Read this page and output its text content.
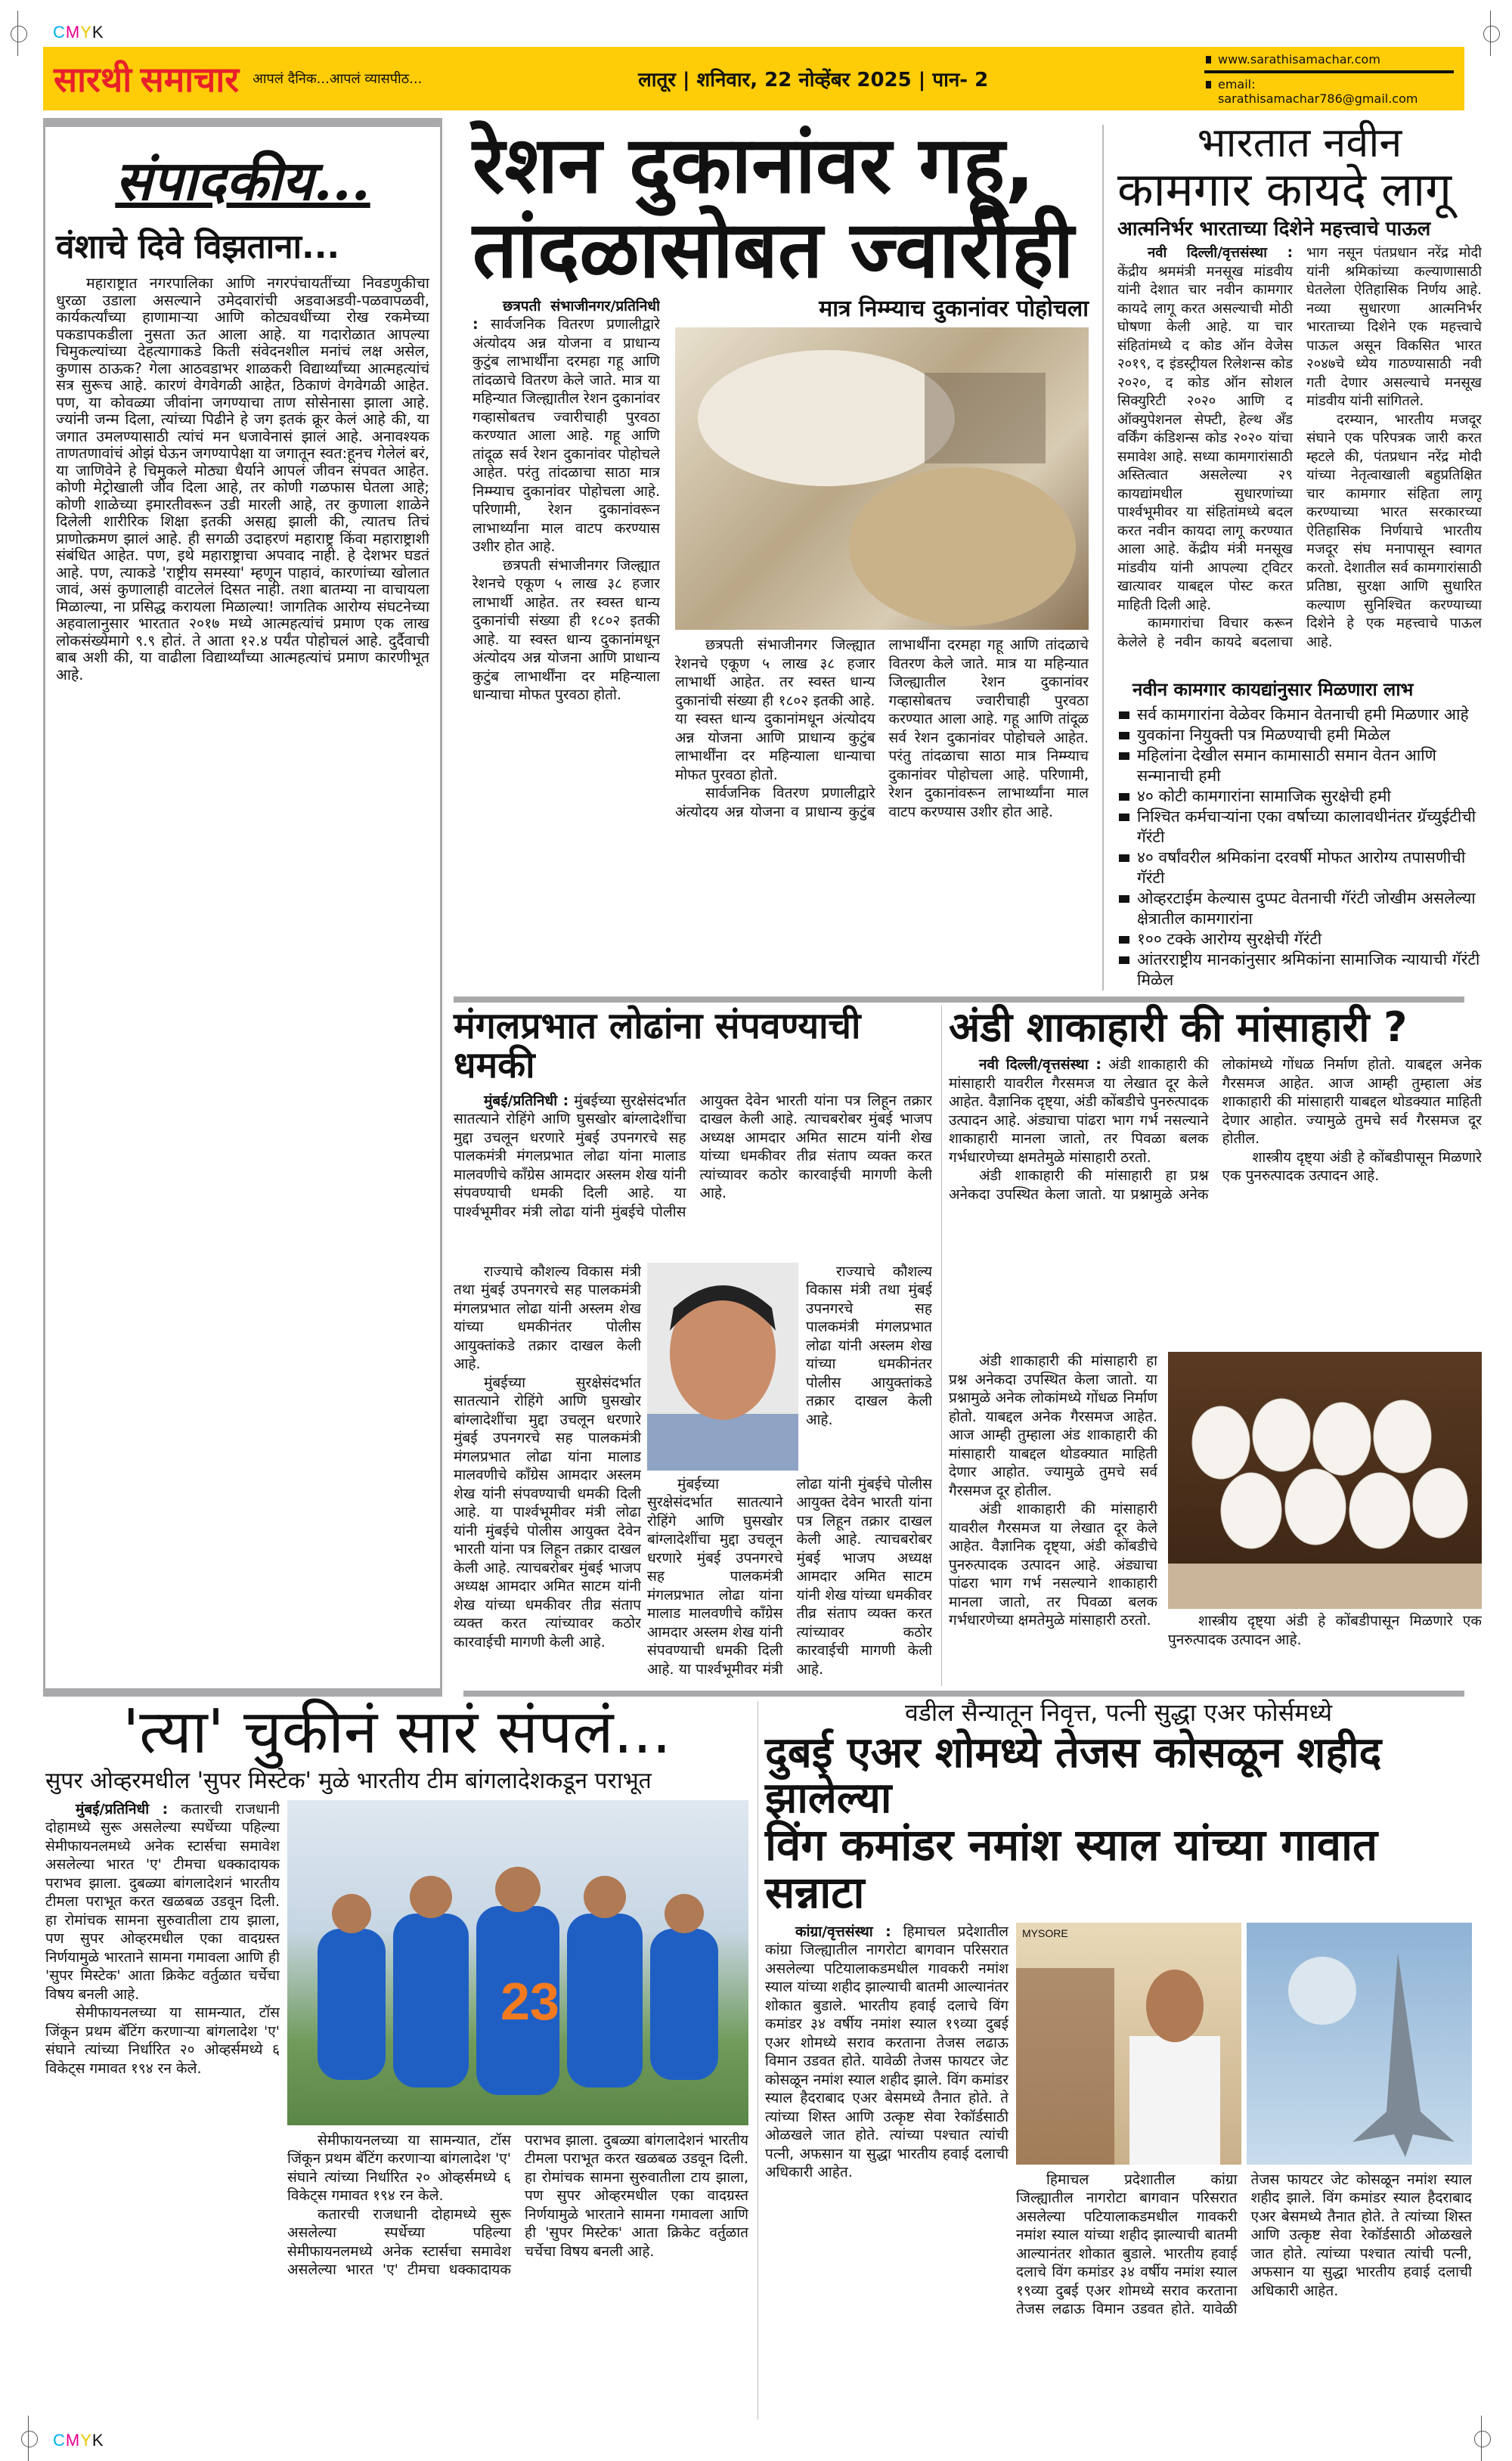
CMYK
सारथी समाचार आपलं दैनिक...आपलं व्यासपीठ...	लातूर | शनिवार, 22 नोव्हेंबर 2025 | पान- 2
www.sarathisamachar.com
email: sarathisamachar786@gmail.com
संपादकीय...
वंशाचे दिवे विझताना...

महाराष्ट्रात नगरपालिका आणि नगरपंचायतींच्या निवडणुकीचा धुरळा उडाला असल्याने उमेदवारांची अडवाअडवी-पळवापळवी, कार्यकर्त्यांच्या हाणामाऱ्या आणि कोट्यवधींच्या रोख रकमेच्या पकडापकडीला नुसता ऊत आला आहे. या गदारोळात आपल्या चिमुकल्यांच्या देहत्यागाकडे किती संवेदनशील मनांचं लक्ष असेल, कुणास ठाऊक? गेला आठवडाभर शाळकरी विद्यार्थ्यांच्या आत्महत्यांचं सत्र सुरूच आहे. कारणं वेगवेगळी आहेत, ठिकाणं वेगवेगळी आहेत. पण, या कोवळ्या जीवांना जगण्याचा ताण सोसेनासा झाला आहे. ज्यांनी जन्म दिला, त्यांच्या पिढीने हे जग इतकं क्रूर केलं आहे की, या जगात उमलण्यासाठी त्यांचं मन धजावेनासं झालं आहे. अनावश्यक ताणतणावांचं ओझं घेऊन जगण्यापेक्षा या जगातून स्वत:हूनच गेलेलं बरं, या जाणिवेने हे चिमुकले मोठ्या धैर्याने आपलं जीवन संपवत आहेत. कोणी मेट्रोखाली जीव दिला आहे, तर कोणी गळफास घेतला आहे; कोणी शाळेच्या इमारतीवरून उडी मारली आहे, तर कुणाला शाळेने दिलेली शारीरिक शिक्षा इतकी असह्य झाली की, त्यातच तिचं प्राणोत्क्रमण झालं आहे. ही सगळी उदाहरणं महाराष्ट्र किंवा महाराष्ट्राशी संबंधित आहेत. पण, इथे महाराष्ट्राचा अपवाद नाही. हे देशभर घडतं आहे. पण, त्याकडे 'राष्ट्रीय समस्या' म्हणून पाहावं, कारणांच्या खोलात जावं, असं कुणालाही वाटलेलं दिसत नाही. तशा बातम्या ना वाचायला मिळाल्या, ना प्रसिद्ध करायला मिळाल्या! जागतिक आरोग्य संघटनेच्या अहवालानुसार भारतात २०१७ मध्ये आत्महत्यांचं प्रमाण एक लाख लोकसंख्येमागे ९.९ होतं. ते आता १२.४ पर्यंत पोहोचलं आहे. दुर्दैवाची बाब अशी की, या वाढीला विद्यार्थ्यांच्या आत्महत्यांचं प्रमाण कारणीभूत आहे.

रेशन दुकानांवर गहू,
तांदळासोबत ज्वारीही

छत्रपती संभाजीनगर/प्रतिनिधी : सार्वजनिक वितरण प्रणालीद्वारे अंत्योदय अन्न योजना व प्राधान्य कुटुंब लाभार्थींना दरमहा गहू आणि तांदळाचे वितरण केले जाते. मात्र या महिन्यात जिल्ह्यातील रेशन दुकानांवर गव्हासोबतच ज्वारीचाही पुरवठा करण्यात आला आहे. गहू आणि तांदूळ सर्व रेशन दुकानांवर पोहोचले आहेत. परंतु तांदळाचा साठा मात्र निम्म्याच दुकानांवर पोहोचला आहे. परिणामी, रेशन दुकानांवरून लाभार्थ्यांना माल वाटप करण्यास उशीर होत आहे.

छत्रपती संभाजीनगर जिल्ह्यात रेशनचे एकूण ५ लाख ३८ हजार लाभार्थी आहेत. तर स्वस्त धान्य दुकानांची संख्या ही १८०२ इतकी आहे. या स्वस्त धान्य दुकानांमधून अंत्योदय अन्न योजना आणि प्राधान्य कुटुंब लाभार्थींना दर महिन्याला धान्याचा मोफत पुरवठा होतो.

मात्र निम्म्याच दुकानांवर पोहोचला

छत्रपती संभाजीनगर जिल्ह्यात रेशनचे एकूण ५ लाख ३८ हजार लाभार्थी आहेत. तर स्वस्त धान्य दुकानांची संख्या ही १८०२ इतकी आहे. या स्वस्त धान्य दुकानांमधून अंत्योदय अन्न योजना आणि प्राधान्य कुटुंब लाभार्थींना दर महिन्याला धान्याचा मोफत पुरवठा होतो.

सार्वजनिक वितरण प्रणालीद्वारे अंत्योदय अन्न योजना व प्राधान्य कुटुंब लाभार्थींना दरमहा गहू आणि तांदळाचे वितरण केले जाते. मात्र या महिन्यात जिल्ह्यातील रेशन दुकानांवर गव्हासोबतच ज्वारीचाही पुरवठा करण्यात आला आहे. गहू आणि तांदूळ सर्व रेशन दुकानांवर पोहोचले आहेत. परंतु तांदळाचा साठा मात्र निम्म्याच दुकानांवर पोहोचला आहे. परिणामी, रेशन दुकानांवरून लाभार्थ्यांना माल वाटप करण्यास उशीर होत आहे.

भारतात नवीन
कामगार कायदे लागू
आत्मनिर्भर भारताच्या दिशेने महत्त्वाचे पाऊल

नवी दिल्ली/वृत्तसंस्था : केंद्रीय श्रममंत्री मनसूख मांडवीय यांनी देशात चार नवीन कामगार कायदे लागू करत असल्याची मोठी घोषणा केली आहे. या चार संहितांमध्ये द कोड ऑन वेजेस २०१९, द इंडस्ट्रीयल रिलेशन्स कोड २०२०, द कोड ऑन सोशल सिक्युरिटी २०२० आणि द ऑक्युपेशनल सेफ्टी, हेल्थ अँड वर्किंग कंडिशन्स कोड २०२० यांचा समावेश आहे. सध्या कामगारांसाठी अस्तित्वात असलेल्या २९ कायद्यांमधील सुधारणांच्या पार्श्वभूमीवर या संहितांमध्ये बदल करत नवीन कायदा लागू करण्यात आला आहे. केंद्रीय मंत्री मनसूख मांडवीय यांनी आपल्या ट्विटर खात्यावर याबद्दल पोस्ट करत माहिती दिली आहे.

कामगारांचा विचार करून केलेले हे नवीन कायदे बदलाचा भाग नसून पंतप्रधान नरेंद्र मोदी यांनी श्रमिकांच्या कल्याणासाठी घेतलेला ऐतिहासिक निर्णय आहे. नव्या सुधारणा आत्मनिर्भर भारताच्या दिशेने एक महत्त्वाचे पाऊल असून विकसित भारत २०४७चे ध्येय गाठण्यासाठी नवी गती देणार असल्याचे मनसूख मांडवीय यांनी सांगितले.

दरम्यान, भारतीय मजदूर संघाने एक परिपत्रक जारी करत म्हटले की, पंतप्रधान नरेंद्र मोदी यांच्या नेतृत्वाखाली बहुप्रतिक्षित चार कामगार संहिता लागू करण्याच्या भारत सरकारच्या ऐतिहासिक निर्णयाचे भारतीय मजदूर संघ मनापासून स्वागत करतो. देशातील सर्व कामगारांसाठी प्रतिष्ठा, सुरक्षा आणि सुधारित कल्याण सुनिश्चित करण्याच्या दिशेने हे एक महत्त्वाचे पाऊल आहे.

नवीन कामगार कायद्यांनुसार मिळणारा लाभ
सर्व कामगारांना वेळेवर किमान वेतनाची हमी मिळणार आहे
युवकांना नियुक्ती पत्र मिळण्याची हमी मिळेल
महिलांना देखील समान कामासाठी समान वेतन आणि सन्मानाची हमी
४० कोटी कामगारांना सामाजिक सुरक्षेची हमी
निश्चित कर्मचाऱ्यांना एका वर्षाच्या कालावधीनंतर ग्रॅच्युईटीची गॅरंटी
४० वर्षांवरील श्रमिकांना दरवर्षी मोफत आरोग्य तपासणीची गॅरंटी
ओव्हरटाईम केल्यास दुप्पट वेतनाची गॅरंटी जोखीम असलेल्या क्षेत्रातील कामगारांना
१०० टक्के आरोग्य सुरक्षेची गॅरंटी
आंतरराष्ट्रीय मानकांनुसार श्रमिकांना सामाजिक न्यायाची गॅरंटी मिळेल
मंगलप्रभात लोढांना संपवण्याची धमकी

मुंबई/प्रतिनिधी : मुंबईच्या सुरक्षेसंदर्भात सातत्याने रोहिंगे आणि घुसखोर बांग्लादेशींचा मुद्दा उचलून धरणारे मुंबई उपनगरचे सह पालकमंत्री मंगलप्रभात लोढा यांना मालाड मालवणीचे काँग्रेस आमदार अस्लम शेख यांनी संपवण्याची धमकी दिली आहे. या पार्श्वभूमीवर मंत्री लोढा यांनी मुंबईचे पोलीस आयुक्त देवेन भारती यांना पत्र लिहून तक्रार दाखल केली आहे. त्याचबरोबर मुंबई भाजप अध्यक्ष आमदार अमित साटम यांनी शेख यांच्या धमकीवर तीव्र संताप व्यक्त करत त्यांच्यावर कठोर कारवाईची मागणी केली आहे.

राज्याचे कौशल्य विकास मंत्री तथा मुंबई उपनगरचे सह पालकमंत्री मंगलप्रभात लोढा यांनी अस्लम शेख यांच्या धमकीनंतर पोलीस आयुक्तांकडे तक्रार दाखल केली आहे.

मुंबईच्या सुरक्षेसंदर्भात सातत्याने रोहिंगे आणि घुसखोर बांग्लादेशींचा मुद्दा उचलून धरणारे मुंबई उपनगरचे सह पालकमंत्री मंगलप्रभात लोढा यांना मालाड मालवणीचे काँग्रेस आमदार अस्लम शेख यांनी संपवण्याची धमकी दिली आहे. या पार्श्वभूमीवर मंत्री लोढा यांनी मुंबईचे पोलीस आयुक्त देवेन भारती यांना पत्र लिहून तक्रार दाखल केली आहे. त्याचबरोबर मुंबई भाजप अध्यक्ष आमदार अमित साटम यांनी शेख यांच्या धमकीवर तीव्र संताप व्यक्त करत त्यांच्यावर कठोर कारवाईची मागणी केली आहे.

राज्याचे कौशल्य विकास मंत्री तथा मुंबई उपनगरचे सह पालकमंत्री मंगलप्रभात लोढा यांनी अस्लम शेख यांच्या धमकीनंतर पोलीस आयुक्तांकडे तक्रार दाखल केली आहे.

मुंबईच्या सुरक्षेसंदर्भात सातत्याने रोहिंगे आणि घुसखोर बांग्लादेशींचा मुद्दा उचलून धरणारे मुंबई उपनगरचे सह पालकमंत्री मंगलप्रभात लोढा यांना मालाड मालवणीचे काँग्रेस आमदार अस्लम शेख यांनी संपवण्याची धमकी दिली आहे. या पार्श्वभूमीवर मंत्री लोढा यांनी मुंबईचे पोलीस आयुक्त देवेन भारती यांना पत्र लिहून तक्रार दाखल केली आहे. त्याचबरोबर मुंबई भाजप अध्यक्ष आमदार अमित साटम यांनी शेख यांच्या धमकीवर तीव्र संताप व्यक्त करत त्यांच्यावर कठोर कारवाईची मागणी केली आहे.

अंडी शाकाहारी की मांसाहारी ?

नवी दिल्ली/वृत्तसंस्था : अंडी शाकाहारी की मांसाहारी यावरील गैरसमज या लेखात दूर केले आहेत. वैज्ञानिक दृष्ट्या, अंडी कोंबडीचे पुनरुत्पादक उत्पादन आहे. अंड्याचा पांढरा भाग गर्भ नसल्याने शाकाहारी मानला जातो, तर पिवळा बलक गर्भधारणेच्या क्षमतेमुळे मांसाहारी ठरतो.

अंडी शाकाहारी की मांसाहारी हा प्रश्न अनेकदा उपस्थित केला जातो. या प्रश्नामुळे अनेक लोकांमध्ये गोंधळ निर्माण होतो. याबद्दल अनेक गैरसमज आहेत. आज आम्ही तुम्हाला अंड शाकाहारी की मांसाहारी याबद्दल थोडक्यात माहिती देणार आहोत. ज्यामुळे तुमचे सर्व गैरसमज दूर होतील.

शास्त्रीय दृष्ट्या अंडी हे कोंबडीपासून मिळणारे एक पुनरुत्पादक उत्पादन आहे.

अंडी शाकाहारी की मांसाहारी हा प्रश्न अनेकदा उपस्थित केला जातो. या प्रश्नामुळे अनेक लोकांमध्ये गोंधळ निर्माण होतो. याबद्दल अनेक गैरसमज आहेत. आज आम्ही तुम्हाला अंड शाकाहारी की मांसाहारी याबद्दल थोडक्यात माहिती देणार आहोत. ज्यामुळे तुमचे सर्व गैरसमज दूर होतील.

अंडी शाकाहारी की मांसाहारी यावरील गैरसमज या लेखात दूर केले आहेत. वैज्ञानिक दृष्ट्या, अंडी कोंबडीचे पुनरुत्पादक उत्पादन आहे. अंड्याचा पांढरा भाग गर्भ नसल्याने शाकाहारी मानला जातो, तर पिवळा बलक गर्भधारणेच्या क्षमतेमुळे मांसाहारी ठरतो.	शास्त्रीय दृष्ट्या अंडी हे कोंबडीपासून मिळणारे एक पुनरुत्पादक उत्पादन आहे.

'त्या' चुकीनं सारं संपलं...
सुपर ओव्हरमधील 'सुपर मिस्टेक' मुळे भारतीय टीम बांगलादेशकडून पराभूत

मुंबई/प्रतिनिधी : कतारची राजधानी दोहामध्ये सुरू असलेल्या स्पर्धेच्या पहिल्या सेमीफायनलमध्ये अनेक स्टार्सचा समावेश असलेल्या भारत 'ए' टीमचा धक्कादायक पराभव झाला. दुबळ्या बांगलादेशनं भारतीय टीमला पराभूत करत खळबळ उडवून दिली. हा रोमांचक सामना सुरुवातीला टाय झाला, पण सुपर ओव्हरमधील एका वादग्रस्त निर्णयामुळे भारताने सामना गमावला आणि ही 'सुपर मिस्टेक' आता क्रिकेट वर्तुळात चर्चेचा विषय बनली आहे.

सेमीफायनलच्या या सामन्यात, टॉस जिंकून प्रथम बॅटिंग करणाऱ्या बांगलादेश 'ए' संघाने त्यांच्या निर्धारित २० ओव्हर्समध्ये ६ विकेट्स गमावत १९४ रन केले.

23

सेमीफायनलच्या या सामन्यात, टॉस जिंकून प्रथम बॅटिंग करणाऱ्या बांगलादेश 'ए' संघाने त्यांच्या निर्धारित २० ओव्हर्समध्ये ६ विकेट्स गमावत १९४ रन केले.

कतारची राजधानी दोहामध्ये सुरू असलेल्या स्पर्धेच्या पहिल्या सेमीफायनलमध्ये अनेक स्टार्सचा समावेश असलेल्या भारत 'ए' टीमचा धक्कादायक पराभव झाला. दुबळ्या बांगलादेशनं भारतीय टीमला पराभूत करत खळबळ उडवून दिली. हा रोमांचक सामना सुरुवातीला टाय झाला, पण सुपर ओव्हरमधील एका वादग्रस्त निर्णयामुळे भारताने सामना गमावला आणि ही 'सुपर मिस्टेक' आता क्रिकेट वर्तुळात चर्चेचा विषय बनली आहे.

वडील सैन्यातून निवृत्त, पत्नी सुद्धा एअर फोर्समध्ये
दुबई एअर शोमध्ये तेजस कोसळून शहीद झालेल्या
विंग कमांडर नमांश स्याल यांच्या गावात सन्नाटा

कांग्रा/वृत्तसंस्था : हिमाचल प्रदेशातील कांग्रा जिल्ह्यातील नागरोटा बागवान परिसरात असलेल्या पटियालाकडमधील गावकरी नमांश स्याल यांच्या शहीद झाल्याची बातमी आल्यानंतर शोकात बुडाले. भारतीय हवाई दलाचे विंग कमांडर ३४ वर्षीय नमांश स्याल १९व्या दुबई एअर शोमध्ये सराव करताना तेजस लढाऊ विमान उडवत होते. यावेळी तेजस फायटर जेट कोसळून नमांश स्याल शहीद झाले. विंग कमांडर स्याल हैदराबाद एअर बेसमध्ये तैनात होते. ते त्यांच्या शिस्त आणि उत्कृष्ट सेवा रेकॉर्डसाठी ओळखले जात होते. त्यांच्या पश्चात त्यांची पत्नी, अफसान या सुद्धा भारतीय हवाई दलाची अधिकारी आहेत.

MYSORE

हिमाचल प्रदेशातील कांग्रा जिल्ह्यातील नागरोटा बागवान परिसरात असलेल्या पटियालाकडमधील गावकरी नमांश स्याल यांच्या शहीद झाल्याची बातमी आल्यानंतर शोकात बुडाले. भारतीय हवाई दलाचे विंग कमांडर ३४ वर्षीय नमांश स्याल १९व्या दुबई एअर शोमध्ये सराव करताना तेजस लढाऊ विमान उडवत होते. यावेळी तेजस फायटर जेट कोसळून नमांश स्याल शहीद झाले. विंग कमांडर स्याल हैदराबाद एअर बेसमध्ये तैनात होते. ते त्यांच्या शिस्त आणि उत्कृष्ट सेवा रेकॉर्डसाठी ओळखले जात होते. त्यांच्या पश्चात त्यांची पत्नी, अफसान या सुद्धा भारतीय हवाई दलाची अधिकारी आहेत.

CMYK
